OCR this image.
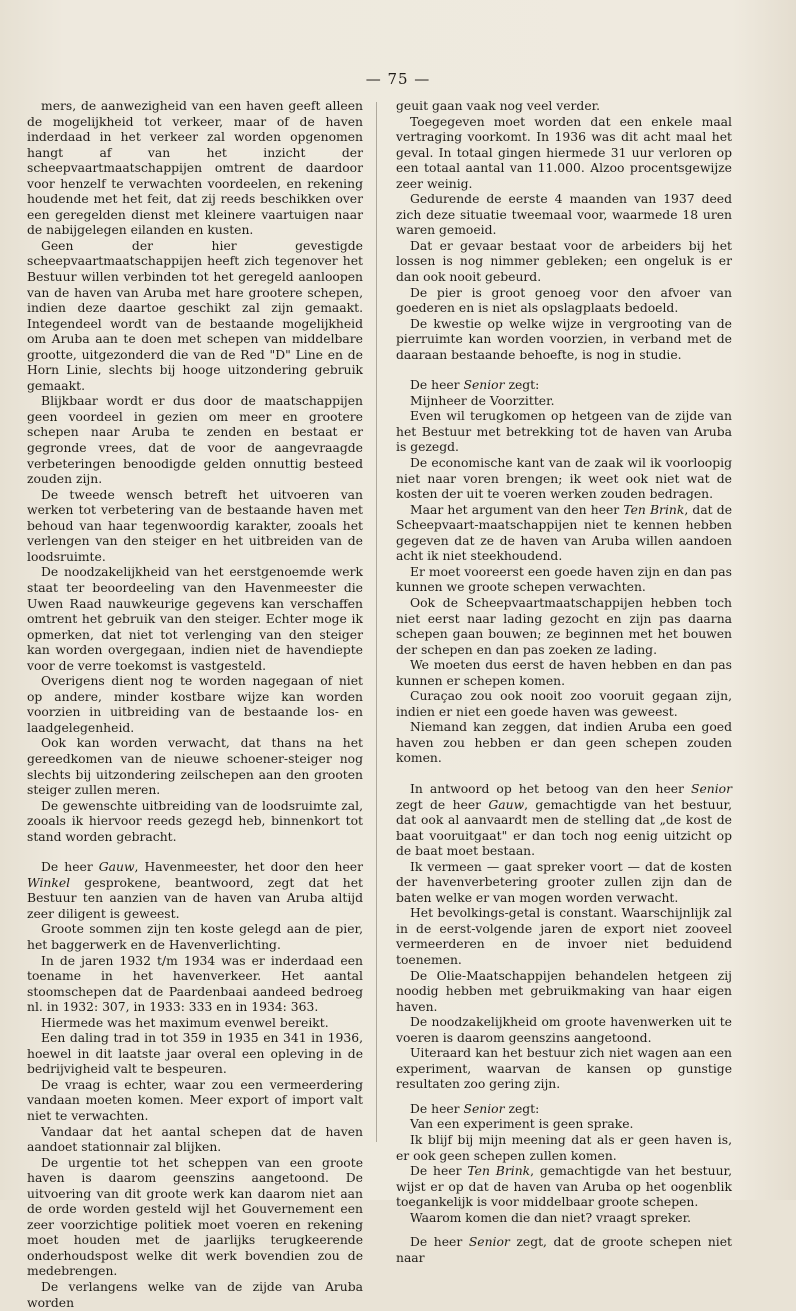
— 75 —

mers, de aanwezigheid van een haven geeft alleen de mogelijkheid tot verkeer, maar of de haven inderdaad in het verkeer zal worden opgenomen hangt af van het inzicht der scheepvaartmaatschappijen omtrent de daardoor voor henzelf te verwachten voordeelen, en rekening houdende met het feit, dat zij reeds beschikken over een geregelden dienst met kleinere vaartuigen naar de nabijgelegen eilanden en kusten.

Geen der hier gevestigde scheepvaartmaatschappijen heeft zich tegenover het Bestuur willen verbinden tot het geregeld aanloopen van de haven van Aruba met hare grootere schepen, indien deze daartoe geschikt zal zijn gemaakt. Integendeel wordt van de bestaande mogelijkheid om Aruba aan te doen met schepen van middelbare grootte, uitgezonderd die van de Red "D" Line en de Horn Linie, slechts bij hooge uitzondering gebruik gemaakt.

Blijkbaar wordt er dus door de maatschappijen geen voordeel in gezien om meer en grootere schepen naar Aruba te zenden en bestaat er gegronde vrees, dat de voor de aangevraagde verbeteringen benoodigde gelden onnuttig besteed zouden zijn.

De tweede wensch betreft het uitvoeren van werken tot verbetering van de bestaande haven met behoud van haar tegenwoordig karakter, zooals het verlengen van den steiger en het uitbreiden van de loodsruimte.

De noodzakelijkheid van het eerstgenoemde werk staat ter beoordeeling van den Havenmeester die Uwen Raad nauwkeurige gegevens kan verschaffen omtrent het gebruik van den steiger. Echter moge ik opmerken, dat niet tot verlenging van den steiger kan worden overgegaan, indien niet de havendiepte voor de verre toekomst is vastgesteld.

Overigens dient nog te worden nagegaan of niet op andere, minder kostbare wijze kan worden voorzien in uitbreiding van de bestaande los- en laadgelegenheid.

Ook kan worden verwacht, dat thans na het gereedkomen van de nieuwe schoener-steiger nog slechts bij uitzondering zeilschepen aan den grooten steiger zullen meren.

De gewenschte uitbreiding van de loodsruimte zal, zooals ik hiervoor reeds gezegd heb, binnenkort tot stand worden gebracht.

De heer Gauw, Havenmeester, het door den heer Winkel gesprokene, beantwoord, zegt dat het Bestuur ten aanzien van de haven van Aruba altijd zeer diligent is geweest.

Groote sommen zijn ten koste gelegd aan de pier, het baggerwerk en de Havenverlichting.

In de jaren 1932 t/m 1934 was er inderdaad een toename in het havenverkeer. Het aantal stoomschepen dat de Paardenbaai aandeed bedroeg nl. in 1932: 307, in 1933: 333 en in 1934: 363.

Hiermede was het maximum evenwel bereikt.

Een daling trad in tot 359 in 1935 en 341 in 1936, hoewel in dit laatste jaar overal een opleving in de bedrijvigheid valt te bespeuren.

De vraag is echter, waar zou een vermeerdering vandaan moeten komen. Meer export of import valt niet te verwachten.

Vandaar dat het aantal schepen dat de haven aandoet stationnair zal blijken.

De urgentie tot het scheppen van een groote haven is daarom geenszins aangetoond. De uitvoering van dit groote werk kan daarom niet aan de orde worden gesteld wijl het Gouvernement een zeer voorzichtige politiek moet voeren en rekening moet houden met de jaarlijks terugkeerende onderhoudspost welke dit werk bovendien zou de medebrengen.

De verlangens welke van de zijde van Aruba worden

geuit gaan vaak nog veel verder.

Toegegeven moet worden dat een enkele maal vertraging voorkomt. In 1936 was dit acht maal het geval. In totaal gingen hiermede 31 uur verloren op een totaal aantal van 11.000. Alzoo procentsgewijze zeer weinig.

Gedurende de eerste 4 maanden van 1937 deed zich deze situatie tweemaal voor, waarmede 18 uren waren gemoeid.

Dat er gevaar bestaat voor de arbeiders bij het lossen is nog nimmer gebleken; een ongeluk is er dan ook nooit gebeurd.

De pier is groot genoeg voor den afvoer van goederen en is niet als opslagplaats bedoeld.

De kwestie op welke wijze in vergrooting van de pierruimte kan worden voorzien, in verband met de daaraan bestaande behoefte, is nog in studie.

De heer Senior zegt:

Mijnheer de Voorzitter.

Even wil terugkomen op hetgeen van de zijde van het Bestuur met betrekking tot de haven van Aruba is gezegd.

De economische kant van de zaak wil ik voorloopig niet naar voren brengen; ik weet ook niet wat de kosten der uit te voeren werken zouden bedragen.

Maar het argument van den heer Ten Brink, dat de Scheepvaart-maatschappijen niet te kennen hebben gegeven dat ze de haven van Aruba willen aandoen acht ik niet steekhoudend.

Er moet vooreerst een goede haven zijn en dan pas kunnen we groote schepen verwachten.

Ook de Scheepvaartmaatschappijen hebben toch niet eerst naar lading gezocht en zijn pas daarna schepen gaan bouwen; ze beginnen met het bouwen der schepen en dan pas zoeken ze lading.

We moeten dus eerst de haven hebben en dan pas kunnen er schepen komen.

Curaçao zou ook nooit zoo vooruit gegaan zijn, indien er niet een goede haven was geweest.

Niemand kan zeggen, dat indien Aruba een goed haven zou hebben er dan geen schepen zouden komen.

In antwoord op het betoog van den heer Senior zegt de heer Gauw, gemachtigde van het bestuur, dat ook al aanvaardt men de stelling dat „de kost de baat vooruitgaat" er dan toch nog eenig uitzicht op de baat moet bestaan.

Ik vermeen — gaat spreker voort — dat de kosten der havenverbetering grooter zullen zijn dan de baten welke er van mogen worden verwacht.

Het bevolkings-getal is constant. Waarschijnlijk zal in de eerst-volgende jaren de export niet zooveel vermeerderen en de invoer niet beduidend toenemen.

De Olie-Maatschappijen behandelen hetgeen zij noodig hebben met gebruikmaking van haar eigen haven.

De noodzakelijkheid om groote havenwerken uit te voeren is daarom geenszins aangetoond.

Uiteraard kan het bestuur zich niet wagen aan een experiment, waarvan de kansen op gunstige resultaten zoo gering zijn.

De heer Senior zegt:

Van een experiment is geen sprake.

Ik blijf bij mijn meening dat als er geen haven is, er ook geen schepen zullen komen.

De heer Ten Brink, gemachtigde van het bestuur, wijst er op dat de haven van Aruba op het oogenblik toegankelijk is voor middelbaar groote schepen.

Waarom komen die dan niet? vraagt spreker.

De heer Senior zegt, dat de groote schepen niet naar
